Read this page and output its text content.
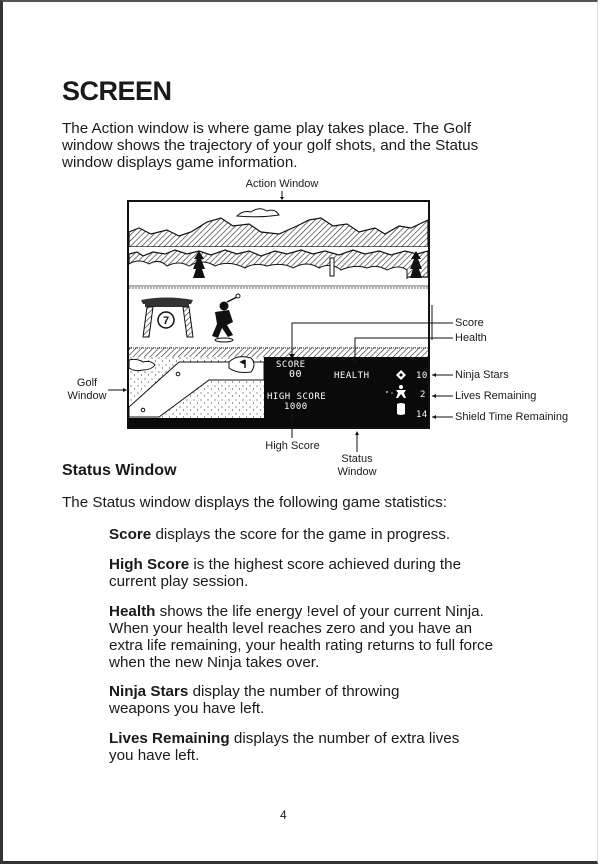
SCREEN

The Action window is where game play takes place. The Golf window shows the trajectory of your golf shots, and the Status window displays game information.

Action Window
Golf
Window
Score
Health
Ninja Stars
Lives Remaining
Shield Time Remaining
High Score
Status
Window
7
SCORE
00	HEALTH
HIGH SCORE
1000
10
2
14
Status Window

The Status window displays the following game statistics:

Score displays the score for the game in progress.

High Score is the highest score achieved during the current play session.

Health shows the life energy !evel of your current Ninja. When your health level reaches zero and you have an extra life remaining, your health rating returns to full force when the new Ninja takes over.

Ninja Stars display the number of throwing weapons you have left.

Lives Remaining displays the number of extra lives you have left.

4
